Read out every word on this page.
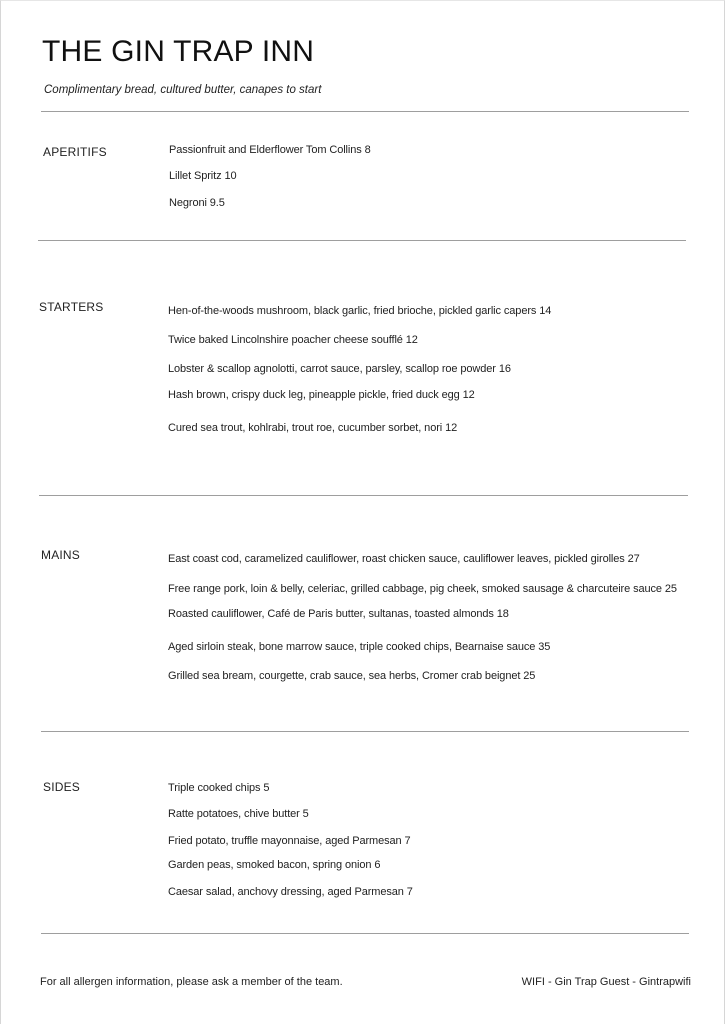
THE GIN TRAP INN
Complimentary bread, cultured butter, canapes to start
APERITIFS	Passionfruit and Elderflower Tom Collins 8
Lillet Spritz 10
Negroni 9.5
STARTERS	Hen-of-the-woods mushroom, black garlic, fried brioche, pickled garlic capers 14
Twice baked Lincolnshire poacher cheese soufflé 12
Lobster & scallop agnolotti, carrot sauce, parsley, scallop roe powder 16
Hash brown, crispy duck leg, pineapple pickle, fried duck egg 12
Cured sea trout, kohlrabi, trout roe, cucumber sorbet, nori 12
MAINS	East coast cod, caramelized cauliflower, roast chicken sauce, cauliflower leaves, pickled girolles 27
Free range pork, loin & belly, celeriac, grilled cabbage, pig cheek, smoked sausage & charcuteire sauce 25
Roasted cauliflower, Café de Paris butter, sultanas, toasted almonds 18
Aged sirloin steak, bone marrow sauce, triple cooked chips, Bearnaise sauce 35
Grilled sea bream, courgette, crab sauce, sea herbs, Cromer crab beignet 25
SIDES	Triple cooked chips 5
Ratte potatoes, chive butter 5
Fried potato, truffle mayonnaise, aged Parmesan 7
Garden peas, smoked bacon, spring onion 6
Caesar salad, anchovy dressing, aged Parmesan 7
For all allergen information, please ask a member of the team.	WIFI - Gin Trap Guest - Gintrapwifi
